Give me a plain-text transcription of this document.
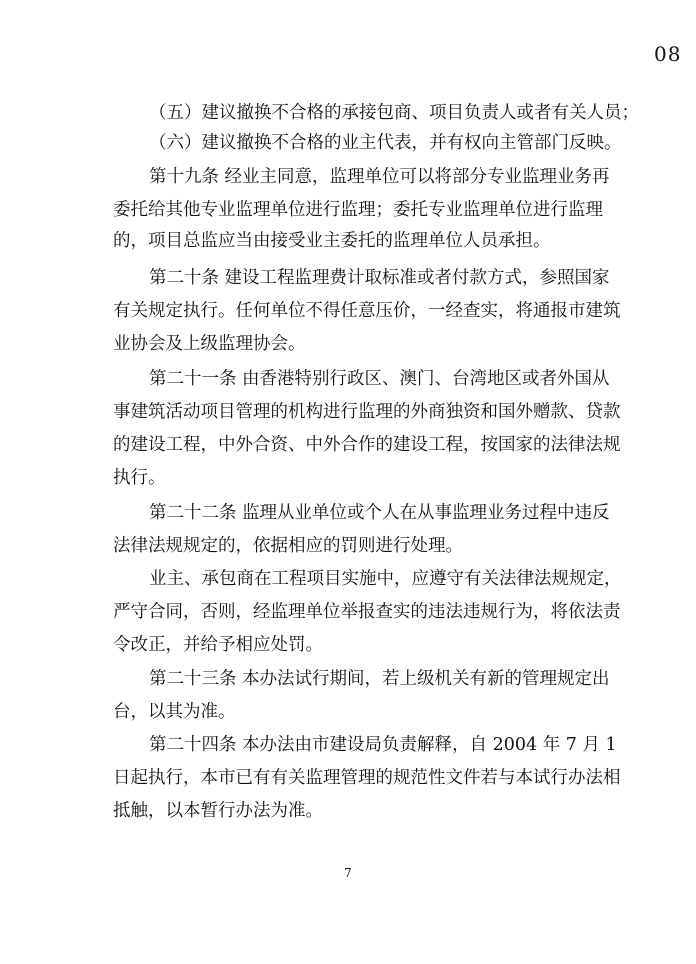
08
（五）建议撤换不合格的承接包商、项目负责人或者有关人员；
（六）建议撤换不合格的业主代表，并有权向主管部门反映。
第十九条 经业主同意，监理单位可以将部分专业监理业务再
委托给其他专业监理单位进行监理；委托专业监理单位进行监理
的，项目总监应当由接受业主委托的监理单位人员承担。
第二十条 建设工程监理费计取标准或者付款方式，参照国家
有关规定执行。任何单位不得任意压价，一经查实，将通报市建筑
业协会及上级监理协会。
第二十一条 由香港特别行政区、澳门、台湾地区或者外国从
事建筑活动项目管理的机构进行监理的外商独资和国外赠款、贷款
的建设工程，中外合资、中外合作的建设工程，按国家的法律法规
执行。
第二十二条 监理从业单位或个人在从事监理业务过程中违反
法律法规规定的，依据相应的罚则进行处理。
业主、承包商在工程项目实施中，应遵守有关法律法规规定，
严守合同，否则，经监理单位举报查实的违法违规行为，将依法责
令改正，并给予相应处罚。
第二十三条 本办法试行期间，若上级机关有新的管理规定出
台，以其为准。
第二十四条 本办法由市建设局负责解释，自 2004 年 7 月 1
日起执行，本市已有有关监理管理的规范性文件若与本试行办法相
抵触，以本暂行办法为准。
7
